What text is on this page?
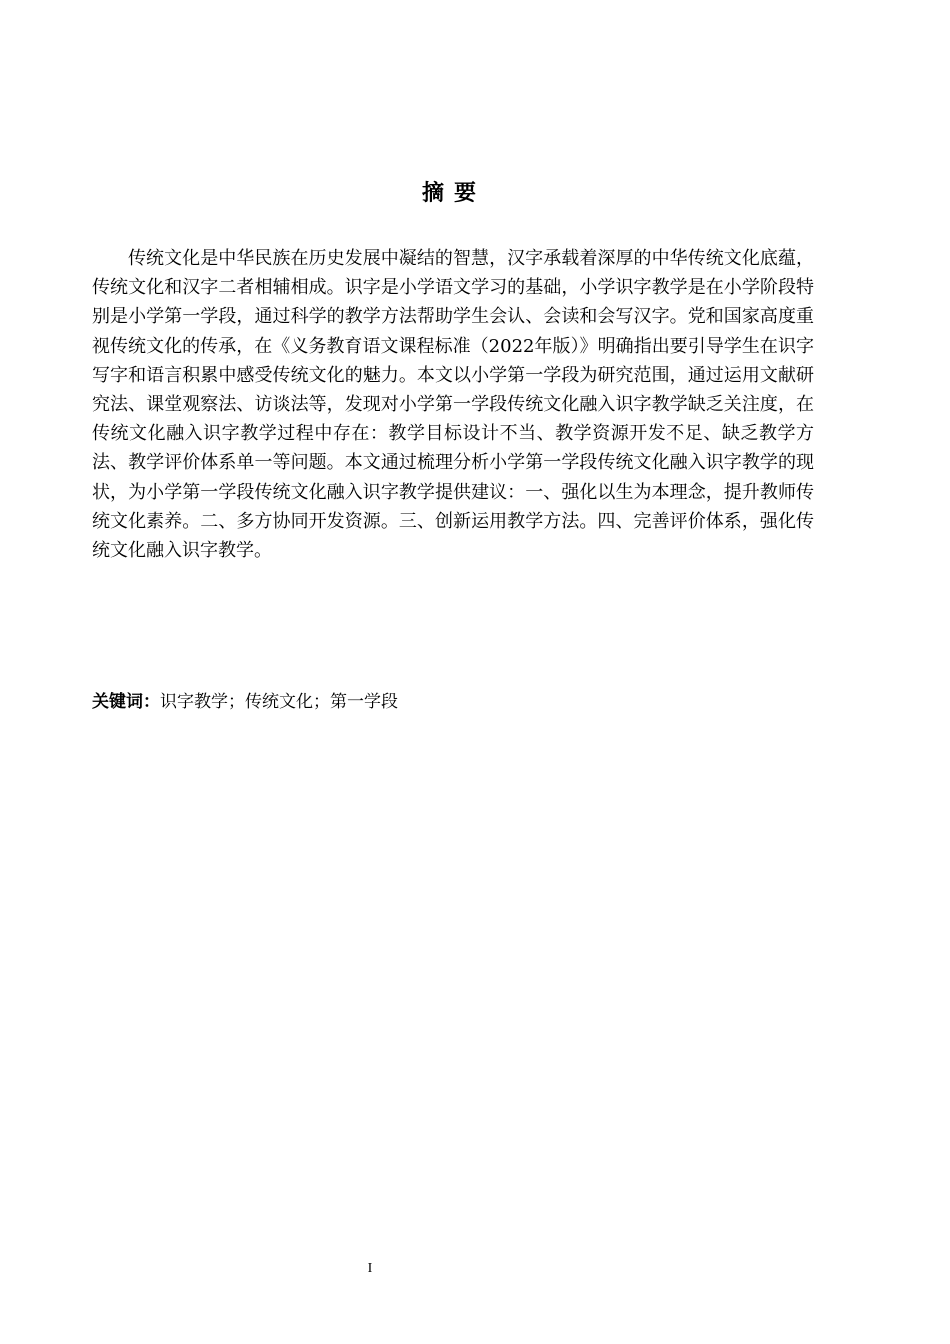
摘要

传统文化是中华民族在历史发展中凝结的智慧，汉字承载着深厚的中华传统文化底蕴，传统文化和汉字二者相辅相成。识字是小学语文学习的基础，小学识字教学是在小学阶段特别是小学第一学段，通过科学的教学方法帮助学生会认、会读和会写汉字。党和国家高度重视传统文化的传承，在《义务教育语文课程标准（2022年版）》明确指出要引导学生在识字写字和语言积累中感受传统文化的魅力。本文以小学第一学段为研究范围，通过运用文献研究法、课堂观察法、访谈法等，发现对小学第一学段传统文化融入识字教学缺乏关注度，在传统文化融入识字教学过程中存在：教学目标设计不当、教学资源开发不足、缺乏教学方法、教学评价体系单一等问题。本文通过梳理分析小学第一学段传统文化融入识字教学的现状，为小学第一学段传统文化融入识字教学提供建议：一、强化以生为本理念，提升教师传统文化素养。二、多方协同开发资源。三、创新运用教学方法。四、完善评价体系，强化传统文化融入识字教学。

关键词：识字教学；传统文化；第一学段
I
